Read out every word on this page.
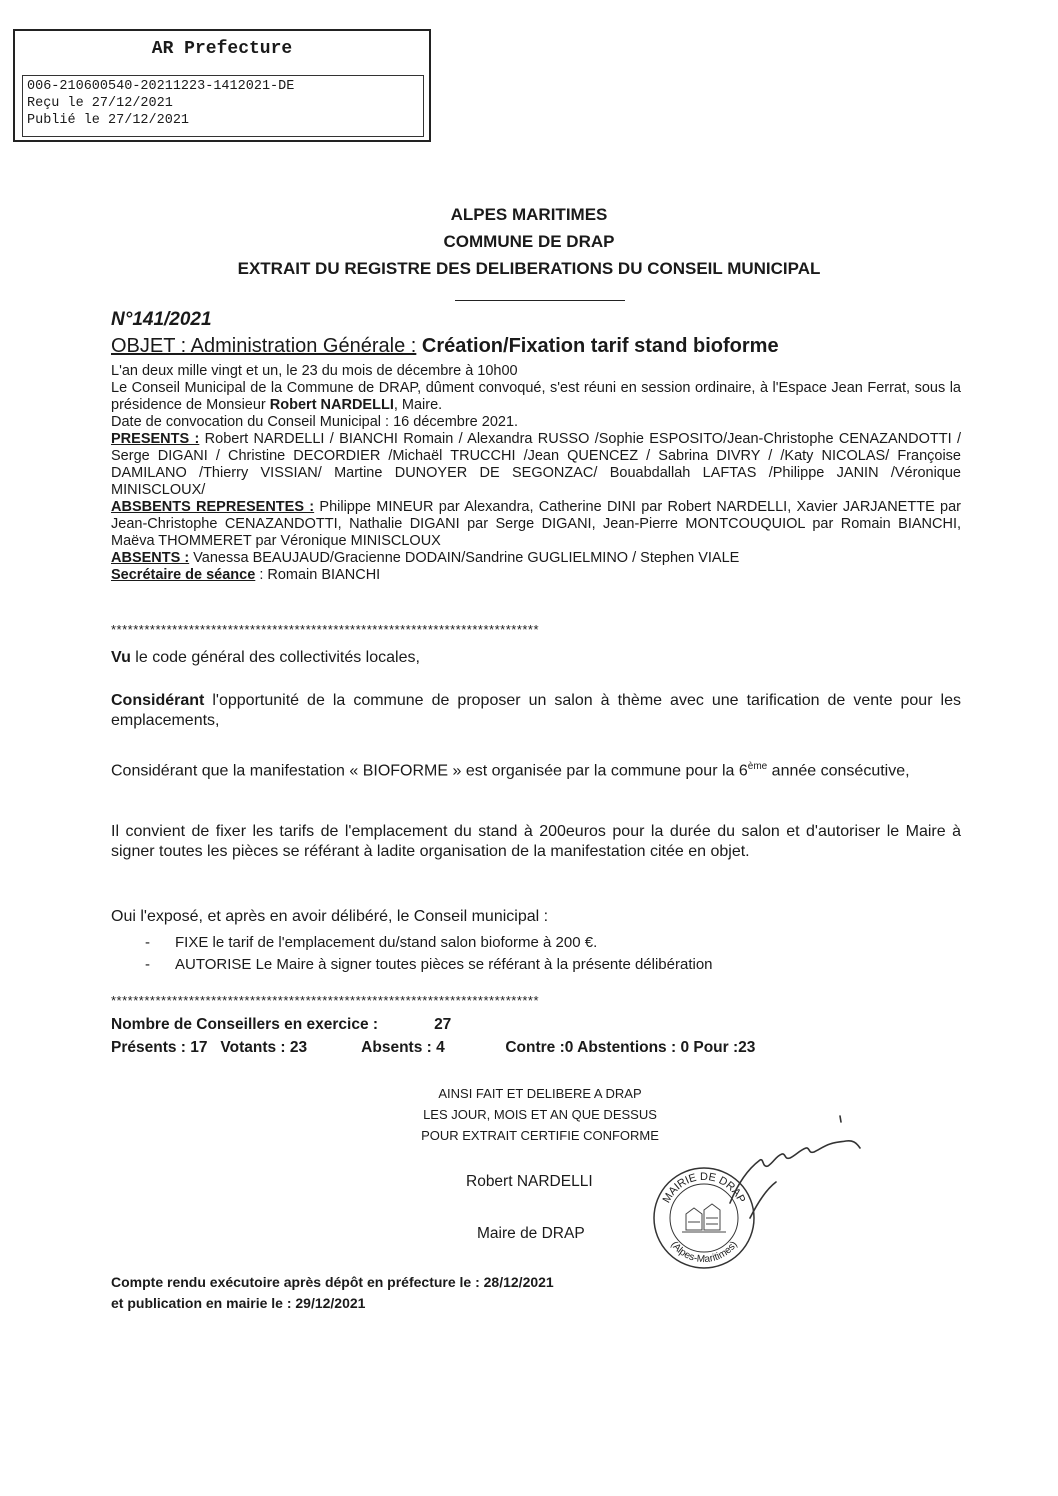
AR Prefecture
006-210600540-20211223-1412021-DE
Reçu le 27/12/2021
Publié le 27/12/2021
ALPES MARITIMES
COMMUNE DE DRAP
EXTRAIT DU REGISTRE DES DELIBERATIONS DU CONSEIL MUNICIPAL
N°141/2021
OBJET : Administration Générale : Création/Fixation tarif stand bioforme
L'an deux mille vingt et un, le 23 du mois de décembre à 10h00
Le Conseil Municipal de la Commune de DRAP, dûment convoqué, s'est réuni en session ordinaire, à l'Espace Jean Ferrat, sous la présidence de Monsieur Robert NARDELLI, Maire.
Date de convocation du Conseil Municipal : 16 décembre 2021.
PRESENTS : Robert NARDELLI / BIANCHI Romain / Alexandra RUSSO /Sophie ESPOSITO/Jean-Christophe CENAZANDOTTI / Serge DIGANI / Christine DECORDIER /Michaël TRUCCHI /Jean QUENCEZ / Sabrina DIVRY / /Katy NICOLAS/ Françoise DAMILANO /Thierry VISSIAN/ Martine DUNOYER DE SEGONZAC/ Bouabdallah LAFTAS /Philippe JANIN /Véronique MINISCLOUX/
ABSBENTS REPRESENTES : Philippe MINEUR par Alexandra, Catherine DINI par Robert NARDELLI, Xavier JARJANETTE par Jean-Christophe CENAZANDOTTI, Nathalie DIGANI par Serge DIGANI, Jean-Pierre MONTCOUQUIOL par Romain BIANCHI, Maëva THOMMERET par Véronique MINISCLOUX
ABSENTS : Vanessa BEAUJAUD/Gracienne DODAIN/Sandrine GUGLIELMINO / Stephen VIALE
Secrétaire de séance : Romain BIANCHI
*****************************************************************************
Vu le code général des collectivités locales,
Considérant l'opportunité de la commune de proposer un salon à thème avec une tarification de vente pour les emplacements,
Considérant que la manifestation « BIOFORME » est organisée par la commune pour la 6ème année consécutive,
Il convient de fixer les tarifs de l'emplacement du stand à 200euros pour la durée du salon et d'autoriser le Maire à signer toutes les pièces se référant à ladite organisation de la manifestation citée en objet.
Oui l'exposé, et après en avoir délibéré, le Conseil municipal :
- FIXE le tarif de l'emplacement du/stand salon bioforme à 200 €.
- AUTORISE Le Maire à signer toutes pièces se référant à la présente délibération
*****************************************************************************
Nombre de Conseillers en exercice :	27
Présents : 17 Votants : 23	Absents : 4	Contre :0 Abstentions : 0 Pour :23
AINSI FAIT ET DELIBERE A DRAP
LES JOUR, MOIS ET AN QUE DESSUS
POUR EXTRAIT CERTIFIE CONFORME
Robert NARDELLI
Maire de DRAP
MAIRIE DE DRAP
(Alpes-Maritimes)
Compte rendu exécutoire après dépôt en préfecture le : 28/12/2021
et publication en mairie le : 29/12/2021
